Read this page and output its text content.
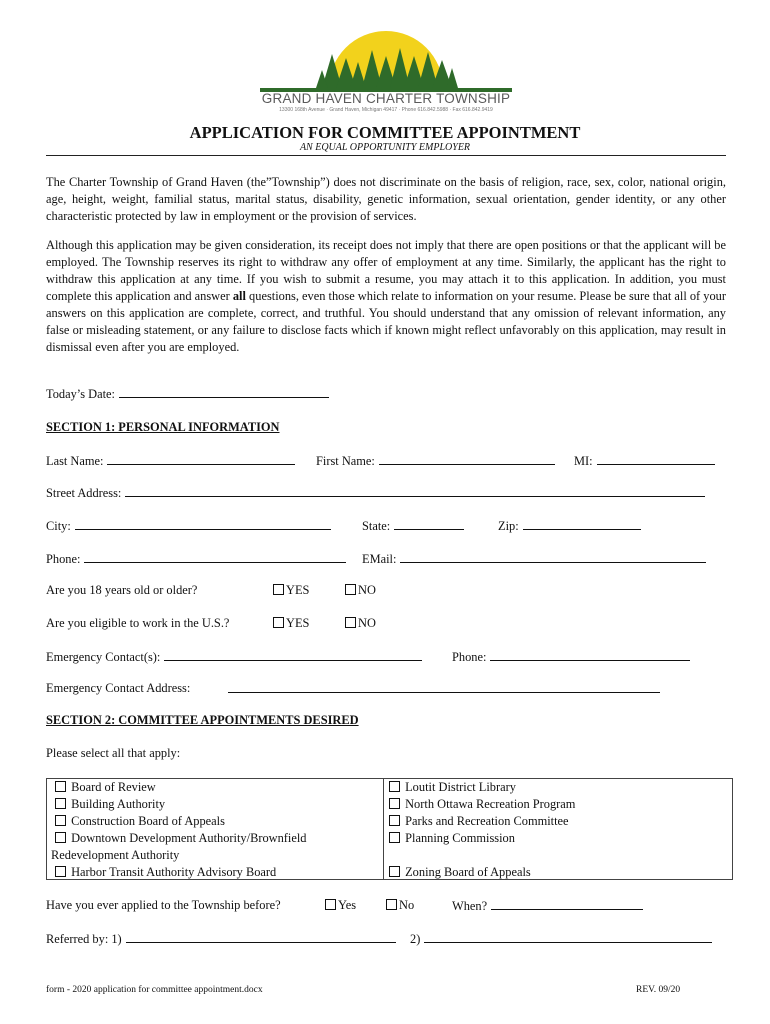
GRAND HAVEN CHARTER TOWNSHIP
13300 168th Avenue · Grand Haven, Michigan 49417 · Phone 616.842.5988 · Fax 616.842.9419
APPLICATION FOR COMMITTEE APPOINTMENT
AN EQUAL OPPORTUNITY EMPLOYER
The Charter Township of Grand Haven (the”Township”) does not discriminate on the basis of religion, race, sex, color, national origin, age, height, weight, familial status, marital status, disability, genetic information, sexual orientation, gender identity, or any other characteristic protected by law in employment or the provision of services.
Although this application may be given consideration, its receipt does not imply that there are open positions or that the applicant will be employed. The Township reserves its right to withdraw any offer of employment at any time. Similarly, the applicant has the right to withdraw this application at any time. If you wish to submit a resume, you may attach it to this application. In addition, you must complete this application and answer all questions, even those which relate to information on your resume. Please be sure that all of your answers on this application are complete, correct, and truthful. You should understand that any omission of relevant information, any false or misleading statement, or any failure to disclose facts which if known might reflect unfavorably on this application, may result in dismissal even after you are employed.
Today’s Date:
SECTION 1: PERSONAL INFORMATION
Last Name:	First Name:	MI:
Street Address:
City:	State:	Zip:
Phone:	EMail:
Are you 18 years old or older?	YES	NO
Are you eligible to work in the U.S.?	YES	NO
Emergency Contact(s):	Phone:
Emergency Contact Address:
SECTION 2: COMMITTEE APPOINTMENTS DESIRED
Please select all that apply:
Board of Review
Building Authority
Construction Board of Appeals
Downtown Development Authority/Brownfield
Redevelopment Authority
Harbor Transit Authority Advisory Board
Loutit District Library
North Ottawa Recreation Program
Parks and Recreation Committee
Planning Commission
Zoning Board of Appeals
Have you ever applied to the Township before?	Yes	No	When?
Referred by: 1)	2)
form - 2020 application for committee appointment.docx	REV. 09/20
